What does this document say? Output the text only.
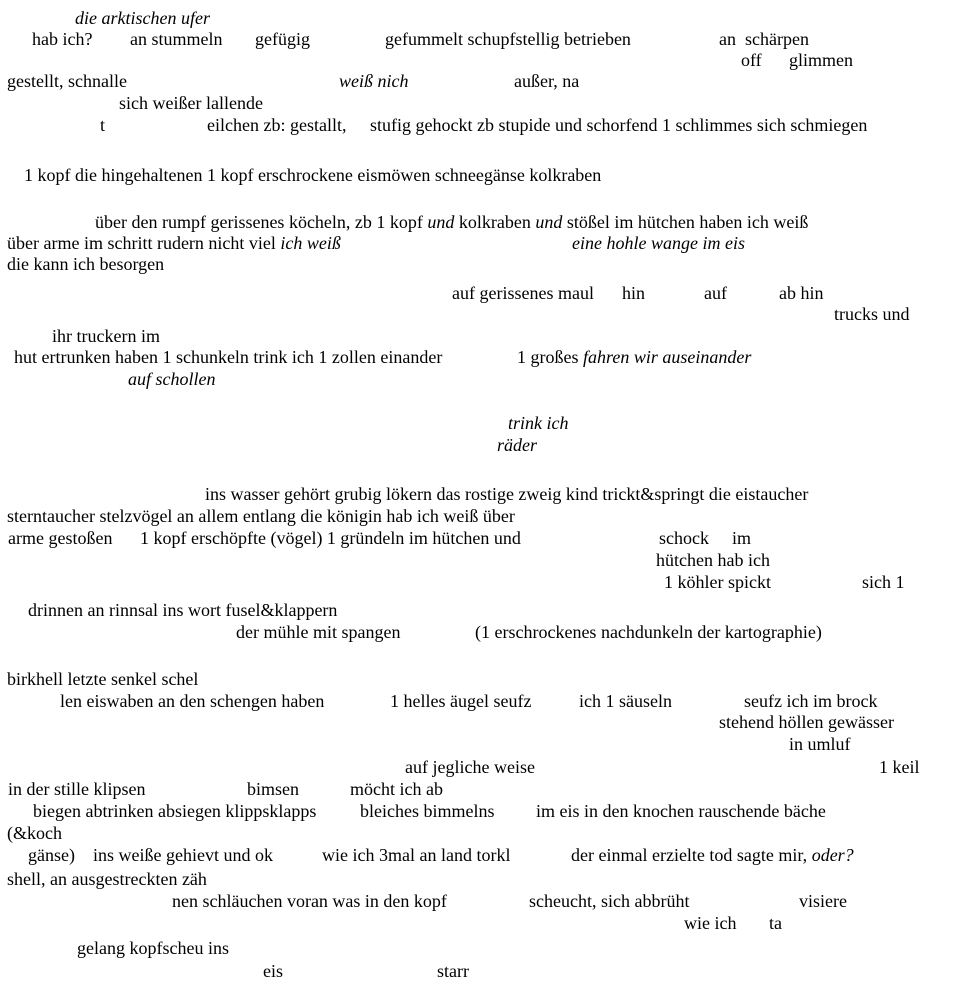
die arktischen ufer
hab ich? an stummeln gefügig	gefummelt schupfstellig betrieben	an  schärpen
off glimmen
gestellt, schnalle	weiß nich	außer, na
sich weißer lallende
t	eilchen zb: gestallt, stufig gehockt zb stupide und schorfend 1 schlimmes sich schmiegen
1 kopf die hingehaltenen 1 kopf erschrockene eismöwen schneegänse kolkraben
über den rumpf gerissenes köcheln, zb 1 kopf und kolkraben und stößel im hütchen haben ich weiß
über arme im schritt rudern nicht viel ich weiß	eine hohle wange im eis
die kann ich besorgen
auf gerissenes maul hin	auf	ab hin
trucks und
ihr truckern im
hut ertrunken haben 1 schunkeln trink ich 1 zollen einander	1 großes fahren wir auseinander
auf schollen
trink ich
räder
ins wasser gehört grubig lökern das rostige zweig kind trickt&springt die eistaucher
sterntaucher stelzvögel an allem entlang die königin hab ich weiß über
arme gestoßen 1 kopf erschöpfte (vögel) 1 gründeln im hütchen und	schock im
hütchen hab ich
1 köhler spickt	sich 1
drinnen an rinnsal ins wort fusel&klappern
der mühle mit spangen	(1 erschrockenes nachdunkeln der kartographie)
birkhell letzte senkel schel
len eiswaben an den schengen haben	1 helles äugel seufz	ich 1 säuseln	seufz ich im brock
stehend höllen gewässer
in umluf
auf jegliche weise	1 keil
in der stille klipsen	bimsen	möcht ich ab
biegen abtrinken absiegen klippsklapps bleiches bimmelns im eis in den knochen rauschende bäche
(&koch
gänse) ins weiße gehievt und ok	wie ich 3mal an land torkl	der einmal erzielte tod sagte mir, oder?
shell, an ausgestreckten zäh
nen schläuchen voran was in den kopf	scheucht, sich abbrüht	visiere
wie ich ta
gelang kopfscheu ins
eis	starr
